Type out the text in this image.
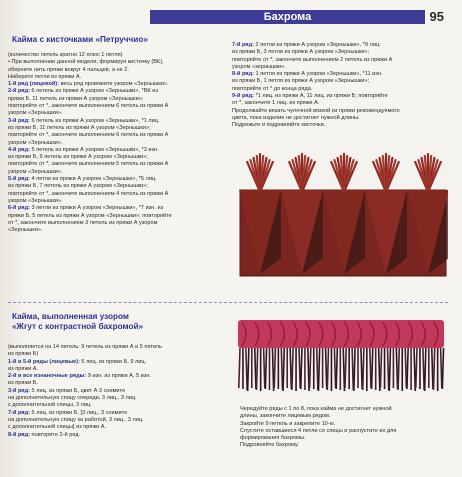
Бахрома	95
Кайма с кисточками «Петруччио»
(количество петель кратно 12 плюс 1 петля)
• При выполнении данной модели, формируя кисточку (ВК),
оберните нить пряжи вокруг 4 пальцев, а не 2.
Наберите петли из пряжи А.
1-й ряд (лицевой): весь ряд провяжите узором «Зернышки».
2-й ряд: 6 петель из пряжи А узором «Зернышки», *ВК из
пряжи Б, 11 петель из пряжи А узором «Зернышки»;
повторяйте от *, закончите выполнением 6 петель из пряжи А
узором «Зернышки».
3-й ряд: 6 петель из пряжи А узором «Зернышки», *1 лиц.
из пряжи Б, 11 петель из пряжи А узором «Зернышки»;
повторяйте от *, закончите выполнением 6 петель из пряжи А
узором «Зернышки».
4-й ряд: 5 петель из пряжи А узором «Зернышки», *3 изн.
из пряжи Б, 9 петель из пряжи А узором «Зернышки»;
повторяйте от *, закончите выполнением 5 петель из пряжи А
узором «Зернышки».
5-й ряд: 4 петли из пряжи А узором «Зернышки», *5 лиц.
из пряжи Б, 7 петель из пряжи А узором «Зернышки»;
повторяйте от *, закончите выполнением 4 петель из пряжи А
узором «Зернышки».
6-й ряд: 3 петли из пряжи А узором «Зернышки», *7 изн. из
пряжи Б, 5 петель из пряжи А узором «Зернышки»; повторяйте
от *, закончите выполнением 3 петель из пряжи А узором
«Зернышки».
7-й ряд: 2 петли из пряжи А узором «Зернышки», *9 лиц.
из пряжи Б, 3 петли из пряжи А узором «Зернышки»;
повторяйте от *, закончите выполнением 2 петель из пряжи А
узором «зернышки».
8-й ряд: 1 петля из пряжи А узором «Зернышки», *11 изн.
из пряжи Б, 1 петля из пряжи А узором «Зернышки»;
повторяйте от * до конца ряда.
9-й ряд: *1 лиц. из пряжи А, 11 лиц. из пряжи Б; повторяйте
от *, закончите 1 лиц. из пряжи А.
Продолжайте вязать чулочной вязкой из пряжи рекомендуемого
цвета, пока изделие не достигнет нужной длины.
Подрежьте и подровняйте кисточки.
Кайма, выполненная узором
«Жгут с контрастной бахромой»
(выполняется на 14 петель: 9 петель из пряжи А и 5 петель
из пряжи Б)
1-й и 5-й ряды (лицевые): 5 лиц. из пряжи Б, 9 лиц.
из пряжи А.
2-й и все изнаночные ряды: 9 изн. из пряжи А, 5 изн.
из пряжи Б.
3-й ряд: 5 лиц. из пряжи Б, цвет А 3 снимите
на дополнительную спицу спереди, 3 лиц., 3 лиц.
с дополнительной спицы, 3 лиц.
7-й ряд: 5 лиц. из пряжи Б, [3 лиц., 3 снимите
на дополнительную спицу за работой, 3 лиц., 3 лиц.
с дополнительной спицы] из пряжи А.
8-й ряд: повторите 2-й ряд.
Чередуйте ряды с 1 по 8, пока кайма не достигнет нужной
длины, закончите лицевым рядом.
Закройте 9 петель и закрепите 10-ю.
Спустите оставшиеся 4 петли со спицы и распустите их для
формирования бахромы.
Подровняйте бахрому.
